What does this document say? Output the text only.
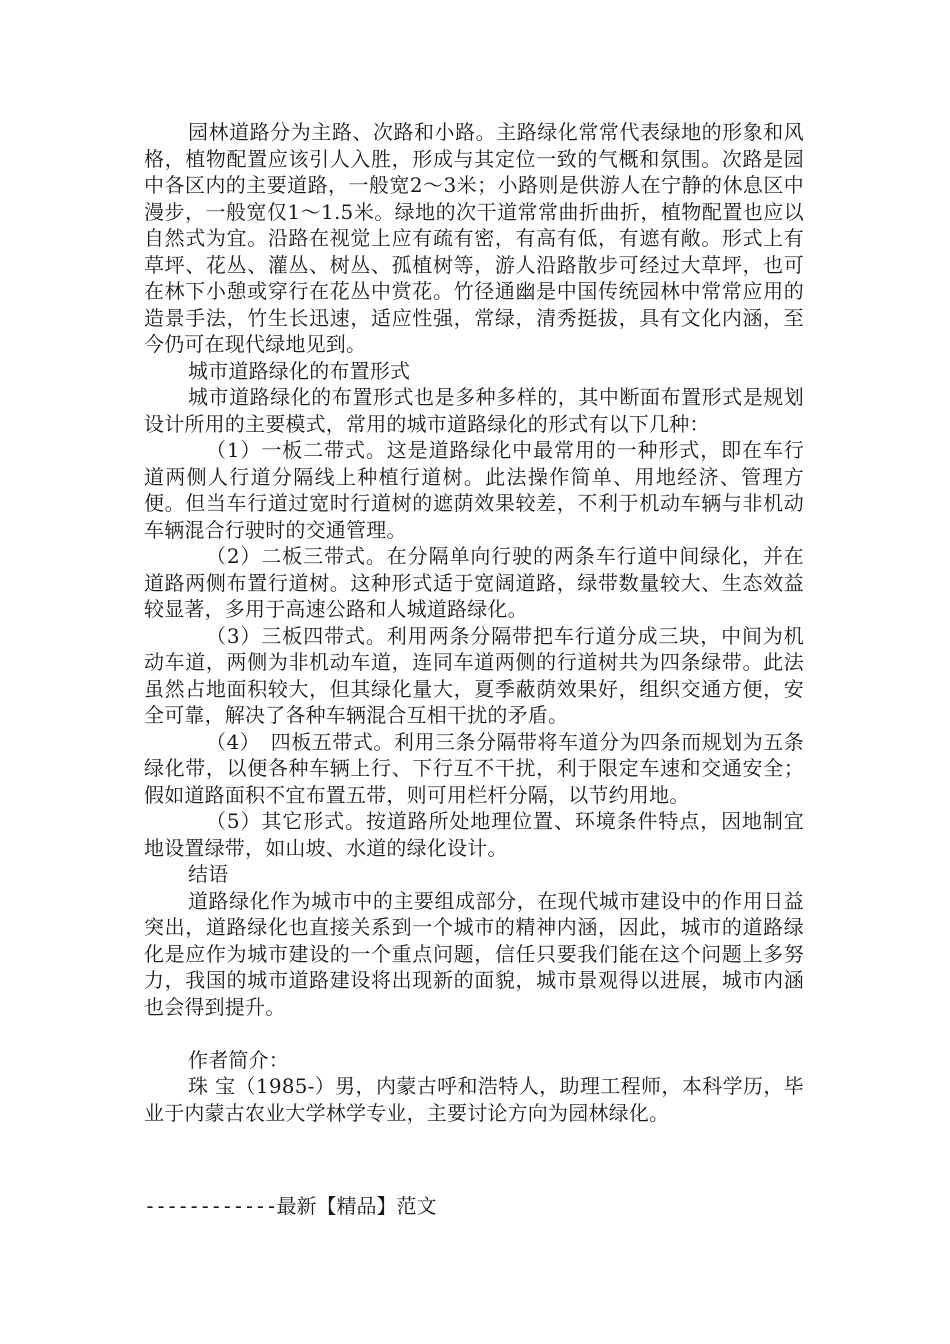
园林道路分为主路、次路和小路。主路绿化常常代表绿地的形象和风格，植物配置应该引人入胜，形成与其定位一致的气概和氛围。次路是园中各区内的主要道路，一般宽2～3米；小路则是供游人在宁静的休息区中漫步，一般宽仅1～1.5米。绿地的次干道常常曲折曲折，植物配置也应以自然式为宜。沿路在视觉上应有疏有密，有高有低，有遮有敞。形式上有草坪、花丛、灌丛、树丛、孤植树等，游人沿路散步可经过大草坪，也可在林下小憩或穿行在花丛中赏花。竹径通幽是中国传统园林中常常应用的造景手法，竹生长迅速，适应性强，常绿，清秀挺拔，具有文化内涵，至今仍可在现代绿地见到。

城市道路绿化的布置形式

城市道路绿化的布置形式也是多种多样的，其中断面布置形式是规划设计所用的主要模式，常用的城市道路绿化的形式有以下几种：

（1）一板二带式。这是道路绿化中最常用的一种形式，即在车行道两侧人行道分隔线上种植行道树。此法操作简单、用地经济、管理方便。但当车行道过宽时行道树的遮荫效果较差，不利于机动车辆与非机动车辆混合行驶时的交通管理。

（2）二板三带式。在分隔单向行驶的两条车行道中间绿化，并在道路两侧布置行道树。这种形式适于宽阔道路，绿带数量较大、生态效益较显著，多用于高速公路和人城道路绿化。

（3）三板四带式。利用两条分隔带把车行道分成三块，中间为机动车道，两侧为非机动车道，连同车道两侧的行道树共为四条绿带。此法虽然占地面积较大，但其绿化量大，夏季蔽荫效果好，组织交通方便，安全可靠，解决了各种车辆混合互相干扰的矛盾。

（4）　四板五带式。利用三条分隔带将车道分为四条而规划为五条绿化带，以便各种车辆上行、下行互不干扰，利于限定车速和交通安全；假如道路面积不宜布置五带，则可用栏杆分隔，以节约用地。

（5）其它形式。按道路所处地理位置、环境条件特点，因地制宜地设置绿带，如山坡、水道的绿化设计。

结语

道路绿化作为城市中的主要组成部分，在现代城市建设中的作用日益突出，道路绿化也直接关系到一个城市的精神内涵，因此，城市的道路绿化是应作为城市建设的一个重点问题，信任只要我们能在这个问题上多努力，我国的城市道路建设将出现新的面貌，城市景观得以进展，城市内涵也会得到提升。

作者简介：

珠 宝（1985-）男，内蒙古呼和浩特人，助理工程师，本科学历，毕业于内蒙古农业大学林学专业，主要讨论方向为园林绿化。

------------最新【精品】范文
